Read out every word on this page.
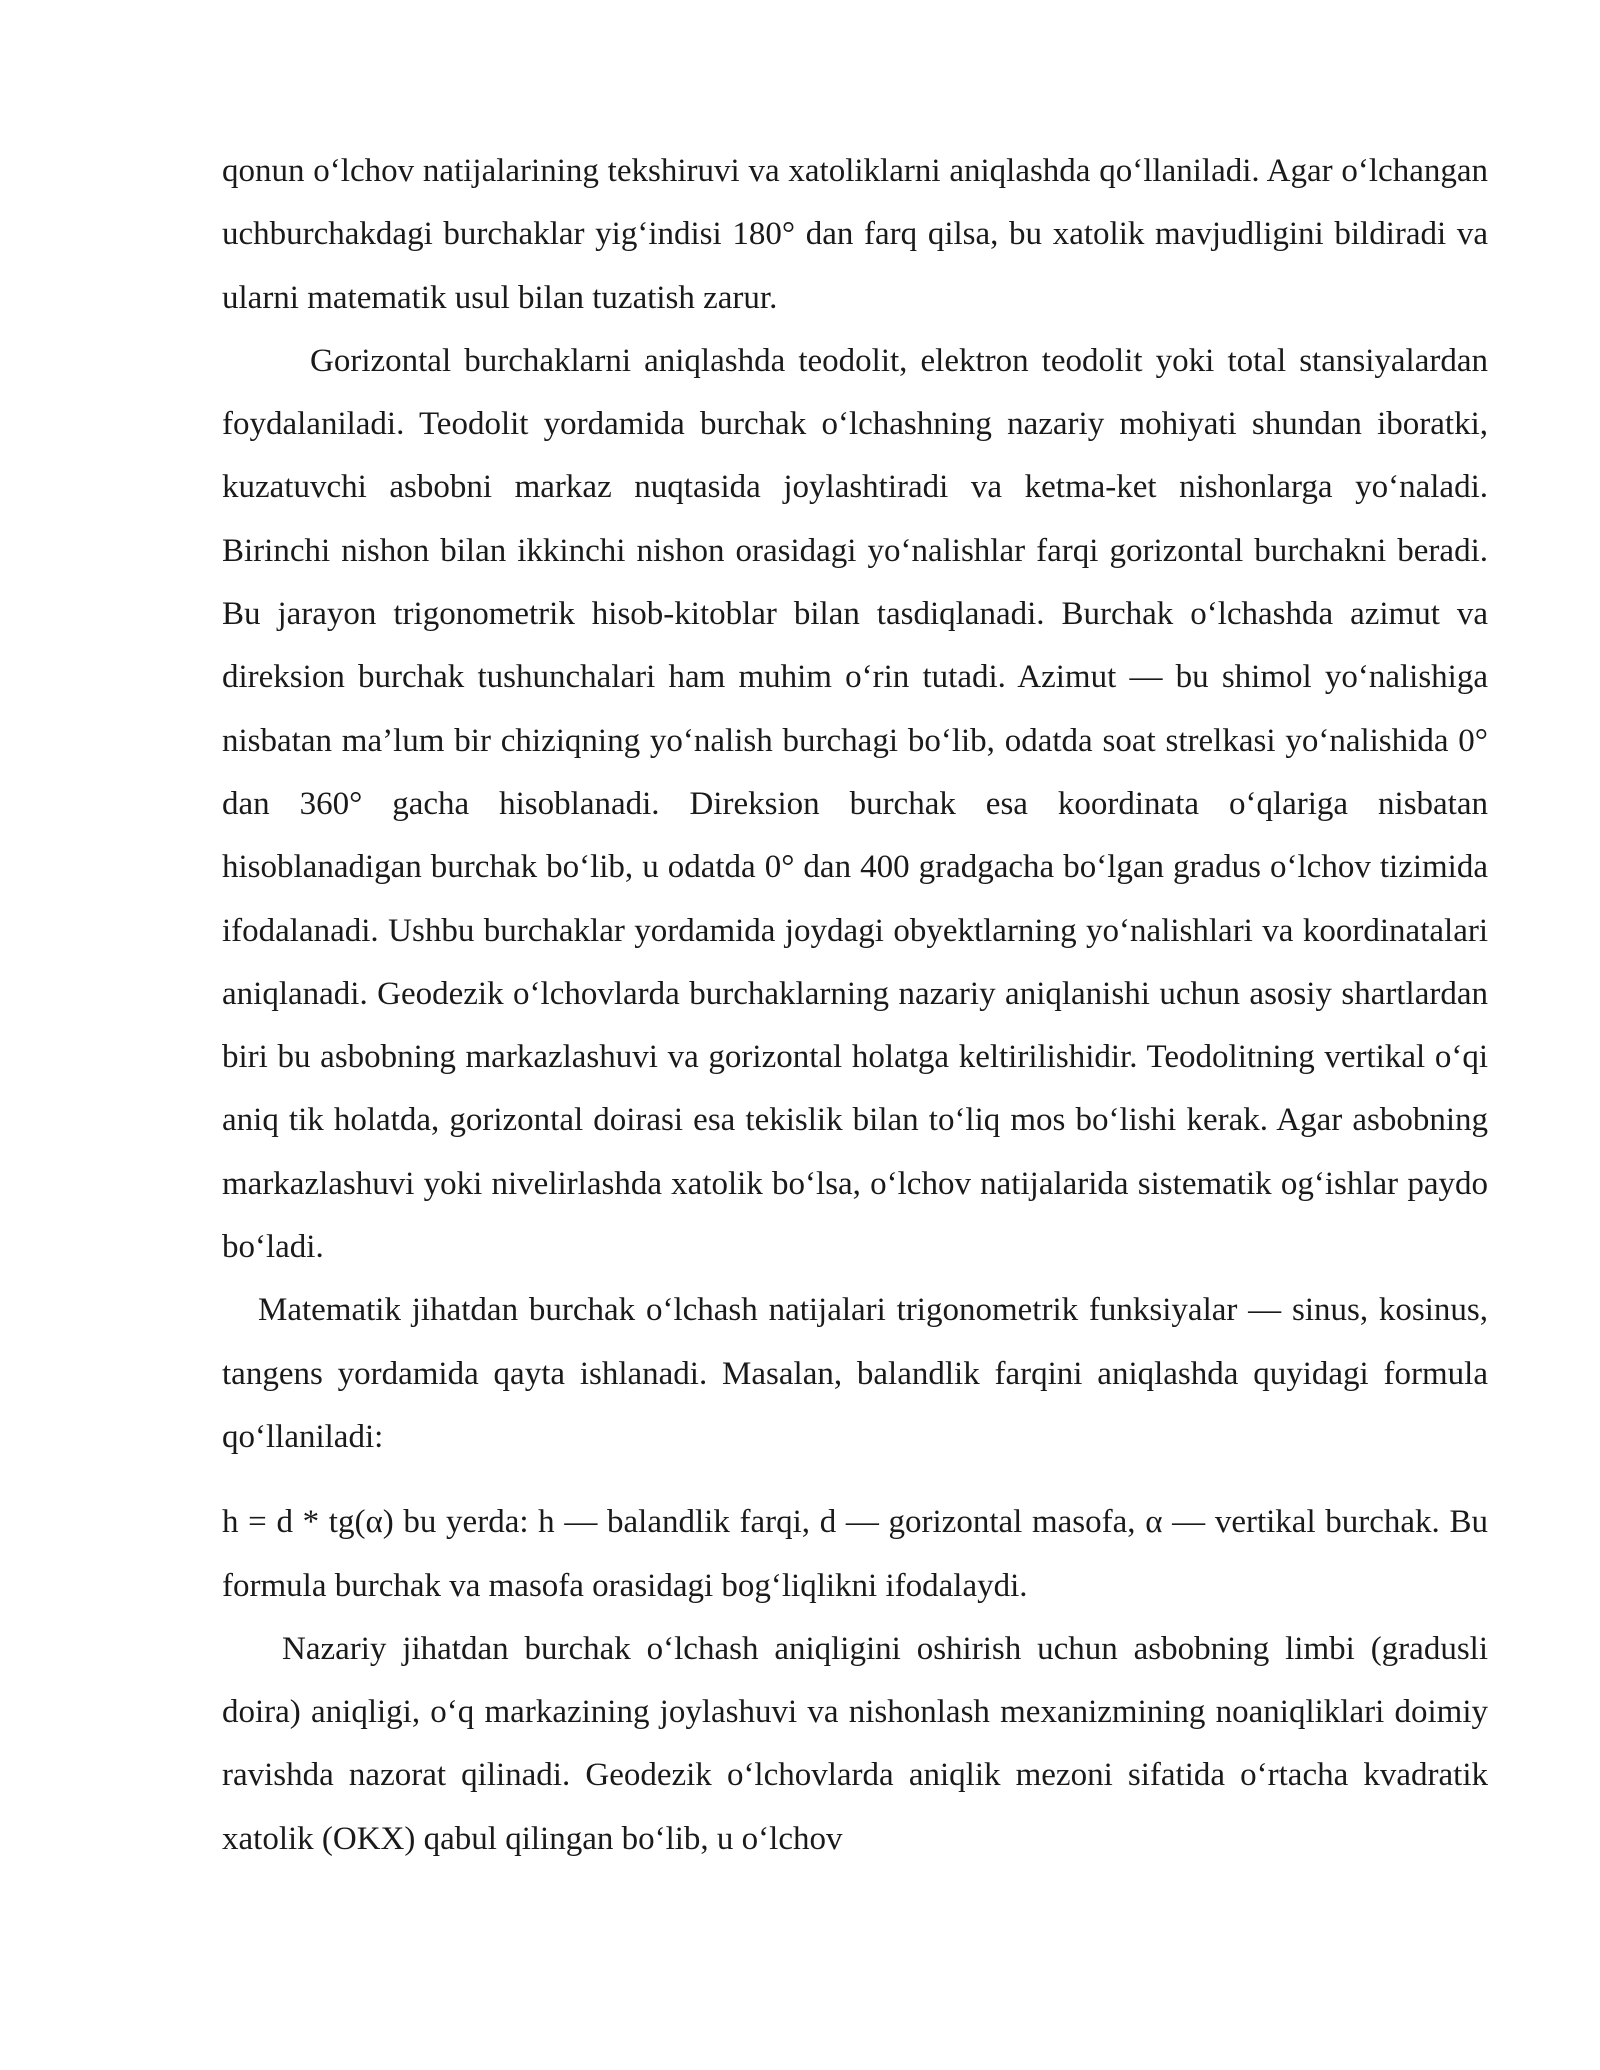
qonun o‘lchov natijalarining tekshiruvi va xatoliklarni aniqlashda qo‘llaniladi. Agar o‘lchangan uchburchakdagi burchaklar yig‘indisi 180° dan farq qilsa, bu xatolik mavjudligini bildiradi va ularni matematik usul bilan tuzatish zarur.

Gorizontal burchaklarni aniqlashda teodolit, elektron teodolit yoki total stansiyalardan foydalaniladi. Teodolit yordamida burchak o‘lchashning nazariy mohiyati shundan iboratki, kuzatuvchi asbobni markaz nuqtasida joylashtiradi va ketma-ket nishonlarga yo‘naladi. Birinchi nishon bilan ikkinchi nishon orasidagi yo‘nalishlar farqi gorizontal burchakni beradi. Bu jarayon trigonometrik hisob-kitoblar bilan tasdiqlanadi. Burchak o‘lchashda azimut va direksion burchak tushunchalari ham muhim o‘rin tutadi. Azimut — bu shimol yo‘nalishiga nisbatan ma’lum bir chiziqning yo‘nalish burchagi bo‘lib, odatda soat strelkasi yo‘nalishida 0° dan 360° gacha hisoblanadi. Direksion burchak esa koordinata o‘qlariga nisbatan hisoblanadigan burchak bo‘lib, u odatda 0° dan 400 gradgacha bo‘lgan gradus o‘lchov tizimida ifodalanadi. Ushbu burchaklar yordamida joydagi obyektlarning yo‘nalishlari va koordinatalari aniqlanadi. Geodezik o‘lchovlarda burchaklarning nazariy aniqlanishi uchun asosiy shartlardan biri bu asbobning markazlashuvi va gorizontal holatga keltirilishidir. Teodolitning vertikal o‘qi aniq tik holatda, gorizontal doirasi esa tekislik bilan to‘liq mos bo‘lishi kerak. Agar asbobning markazlashuvi yoki nivelirlashda xatolik bo‘lsa, o‘lchov natijalarida sistematik og‘ishlar paydo bo‘ladi.

Matematik jihatdan burchak o‘lchash natijalari trigonometrik funksiyalar — sinus, kosinus, tangens yordamida qayta ishlanadi. Masalan, balandlik farqini aniqlashda quyidagi formula qo‘llaniladi:

h = d * tg(α) bu yerda: h — balandlik farqi, d — gorizontal masofa, α — vertikal burchak. Bu formula burchak va masofa orasidagi bog‘liqlikni ifodalaydi.

Nazariy jihatdan burchak o‘lchash aniqligini oshirish uchun asbobning limbi (gradusli doira) aniqligi, o‘q markazining joylashuvi va nishonlash mexanizmining noaniqliklari doimiy ravishda nazorat qilinadi. Geodezik o‘lchovlarda aniqlik mezoni sifatida o‘rtacha kvadratik xatolik (OKX) qabul qilingan bo‘lib, u o‘lchov
